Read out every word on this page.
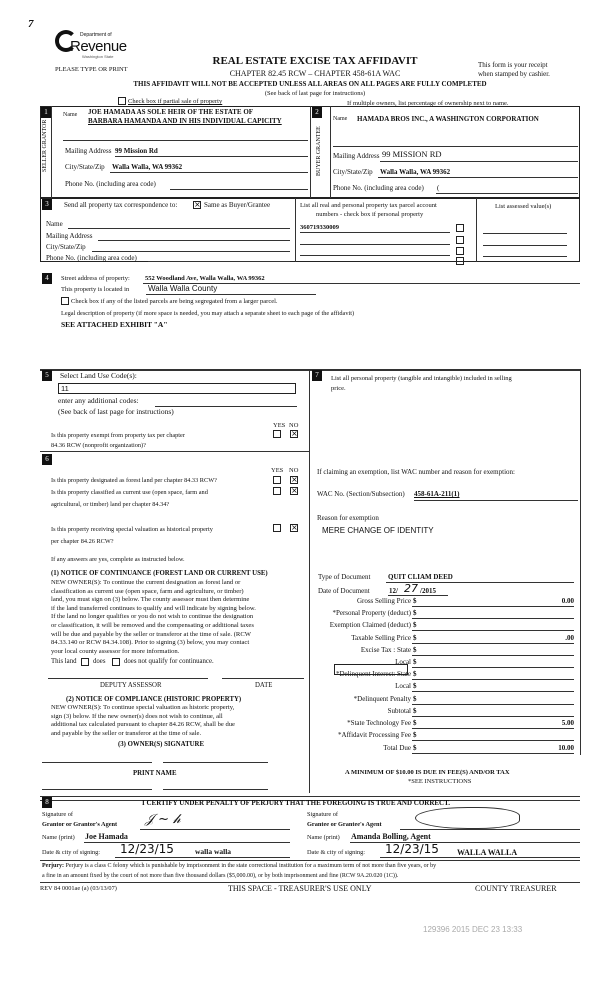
7
Department of
Revenue
Washington State
PLEASE TYPE OR PRINT
REAL ESTATE EXCISE TAX AFFIDAVIT
CHAPTER 82.45 RCW – CHAPTER 458-61A WAC
THIS AFFIDAVIT WILL NOT BE ACCEPTED UNLESS ALL AREAS ON ALL PAGES ARE FULLY COMPLETED
(See back of last page for instructions)
This form is your receipt
when stamped by cashier.
Check box if partial sale of property	If multiple owners, list percentage of ownership next to name.
1	2
SELLER GRANTOR	BUYER GRANTEE
Name JOE HAMADA AS SOLE HEIR OF THE ESTATE OF
BARBARA HAMANDA AND IN HIS INDIVIDUAL CAPICITY
Mailing Address 99 Mission Rd
City/State/Zip Walla Walla, WA 99362
Phone No. (including area code)
Name HAMADA BROS INC., A WASHINGTON CORPORATION
Mailing Address 99 MISSION RD
City/State/Zip Walla Walla, WA 99362
Phone No. (including area code) (
3	Send all property tax correspondence to: × Same as Buyer/Grantee
Name
Mailing Address
City/State/Zip
Phone No. (including area code)
List all real and personal property tax parcel account
numbers - check box if personal property
List assessed value(s)
360719330009
4	Street address of property: 552 Woodland Ave, Walla Walla, WA 99362
This property is located in Walla Walla County
Check box if any of the listed parcels are being segregated from a larger parcel.
Legal description of property (if more space is needed, you may attach a separate sheet to each page of the affidavit)
SEE ATTACHED EXHIBIT "A"
5	Select Land Use Code(s):
11
enter any additional codes:
(See back of last page for instructions)
YES NO
Is this property exempt from property tax per chapter
84.36 RCW (nonprofit organization)?
×
6
YES NO
Is this property designated as forest land per chapter 84.33 RCW?	×
Is this property classified as current use (open space, farm and
agricultural, or timber) land per chapter 84.34?
×
Is this property receiving special valuation as historical property
per chapter 84.26 RCW?
×
If any answers are yes, complete as instructed below.
(1) NOTICE OF CONTINUANCE (FOREST LAND OR CURRENT USE)
NEW OWNER(S): To continue the current designation as forest land or
classification as current use (open space, farm and agriculture, or timber)
land, you must sign on (3) below. The county assessor must then determine
if the land transferred continues to qualify and will indicate by signing below.
If the land no longer qualifies or you do not wish to continue the designation
or classification, it will be removed and the compensating or additional taxes
will be due and payable by the seller or transferor at the time of sale. (RCW
84.33.140 or RCW 84.34.108). Prior to signing (3) below, you may contact
your local county assessor for more information.
This land does	does not qualify for continuance.
DEPUTY ASSESSOR	DATE
(2) NOTICE OF COMPLIANCE (HISTORIC PROPERTY)
NEW OWNER(S): To continue special valuation as historic property,
sign (3) below. If the new owner(s) does not wish to continue, all
additional tax calculated pursuant to chapter 84.26 RCW, shall be due
and payable by the seller or transferor at the time of sale.
(3) OWNER(S) SIGNATURE
PRINT NAME
7	List all personal property (tangible and intangible) included in selling
price.
If claiming an exemption, list WAC number and reason for exemption:
WAC No. (Section/Subsection) 458-61A-211(1)
Reason for exemption
MERE CHANGE OF IDENTITY
Type of Document	QUIT CLIAM DEED
Date of Document	12/ 27 /2015
Gross Selling Price $	0.00
*Personal Property (deduct) $
Exemption Claimed (deduct) $
Taxable Selling Price $	.00
Excise Tax : State $
Local $
*Delinquent Interest: State $
Local $
*Delinquent Penalty $
Subtotal $
*State Technology Fee $	5.00
*Affidavit Processing Fee $
Total Due $	10.00
A MINIMUM OF $10.00 IS DUE IN FEE(S) AND/OR TAX
*SEE INSTRUCTIONS
8	I CERTIFY UNDER PENALTY OF PERJURY THAT THE FOREGOING IS TRUE AND CORRECT.
Signature of
Grantor or Grantor's Agent 𝒥 ~ 𝒽
Name (print) Joe Hamada
Date & city of signing: 12/23/15	walla walla
Signature of
Grantee or Grantee's Agent
Name (print) Amanda Bolling, Agent
Date & city of signing: 12/23/15 WALLA WALLA
Perjury: Perjury is a class C felony which is punishable by imprisonment in the state correctional institution for a maximum term of not more than five years, or by
a fine in an amount fixed by the court of not more than five thousand dollars ($5,000.00), or by both imprisonment and fine (RCW 9A.20.020 (1C)).
REV 84 0001ae (a) (03/13/07)	THIS SPACE - TREASURER'S USE ONLY	COUNTY TREASURER
129396 2015 DEC 23 13:33
